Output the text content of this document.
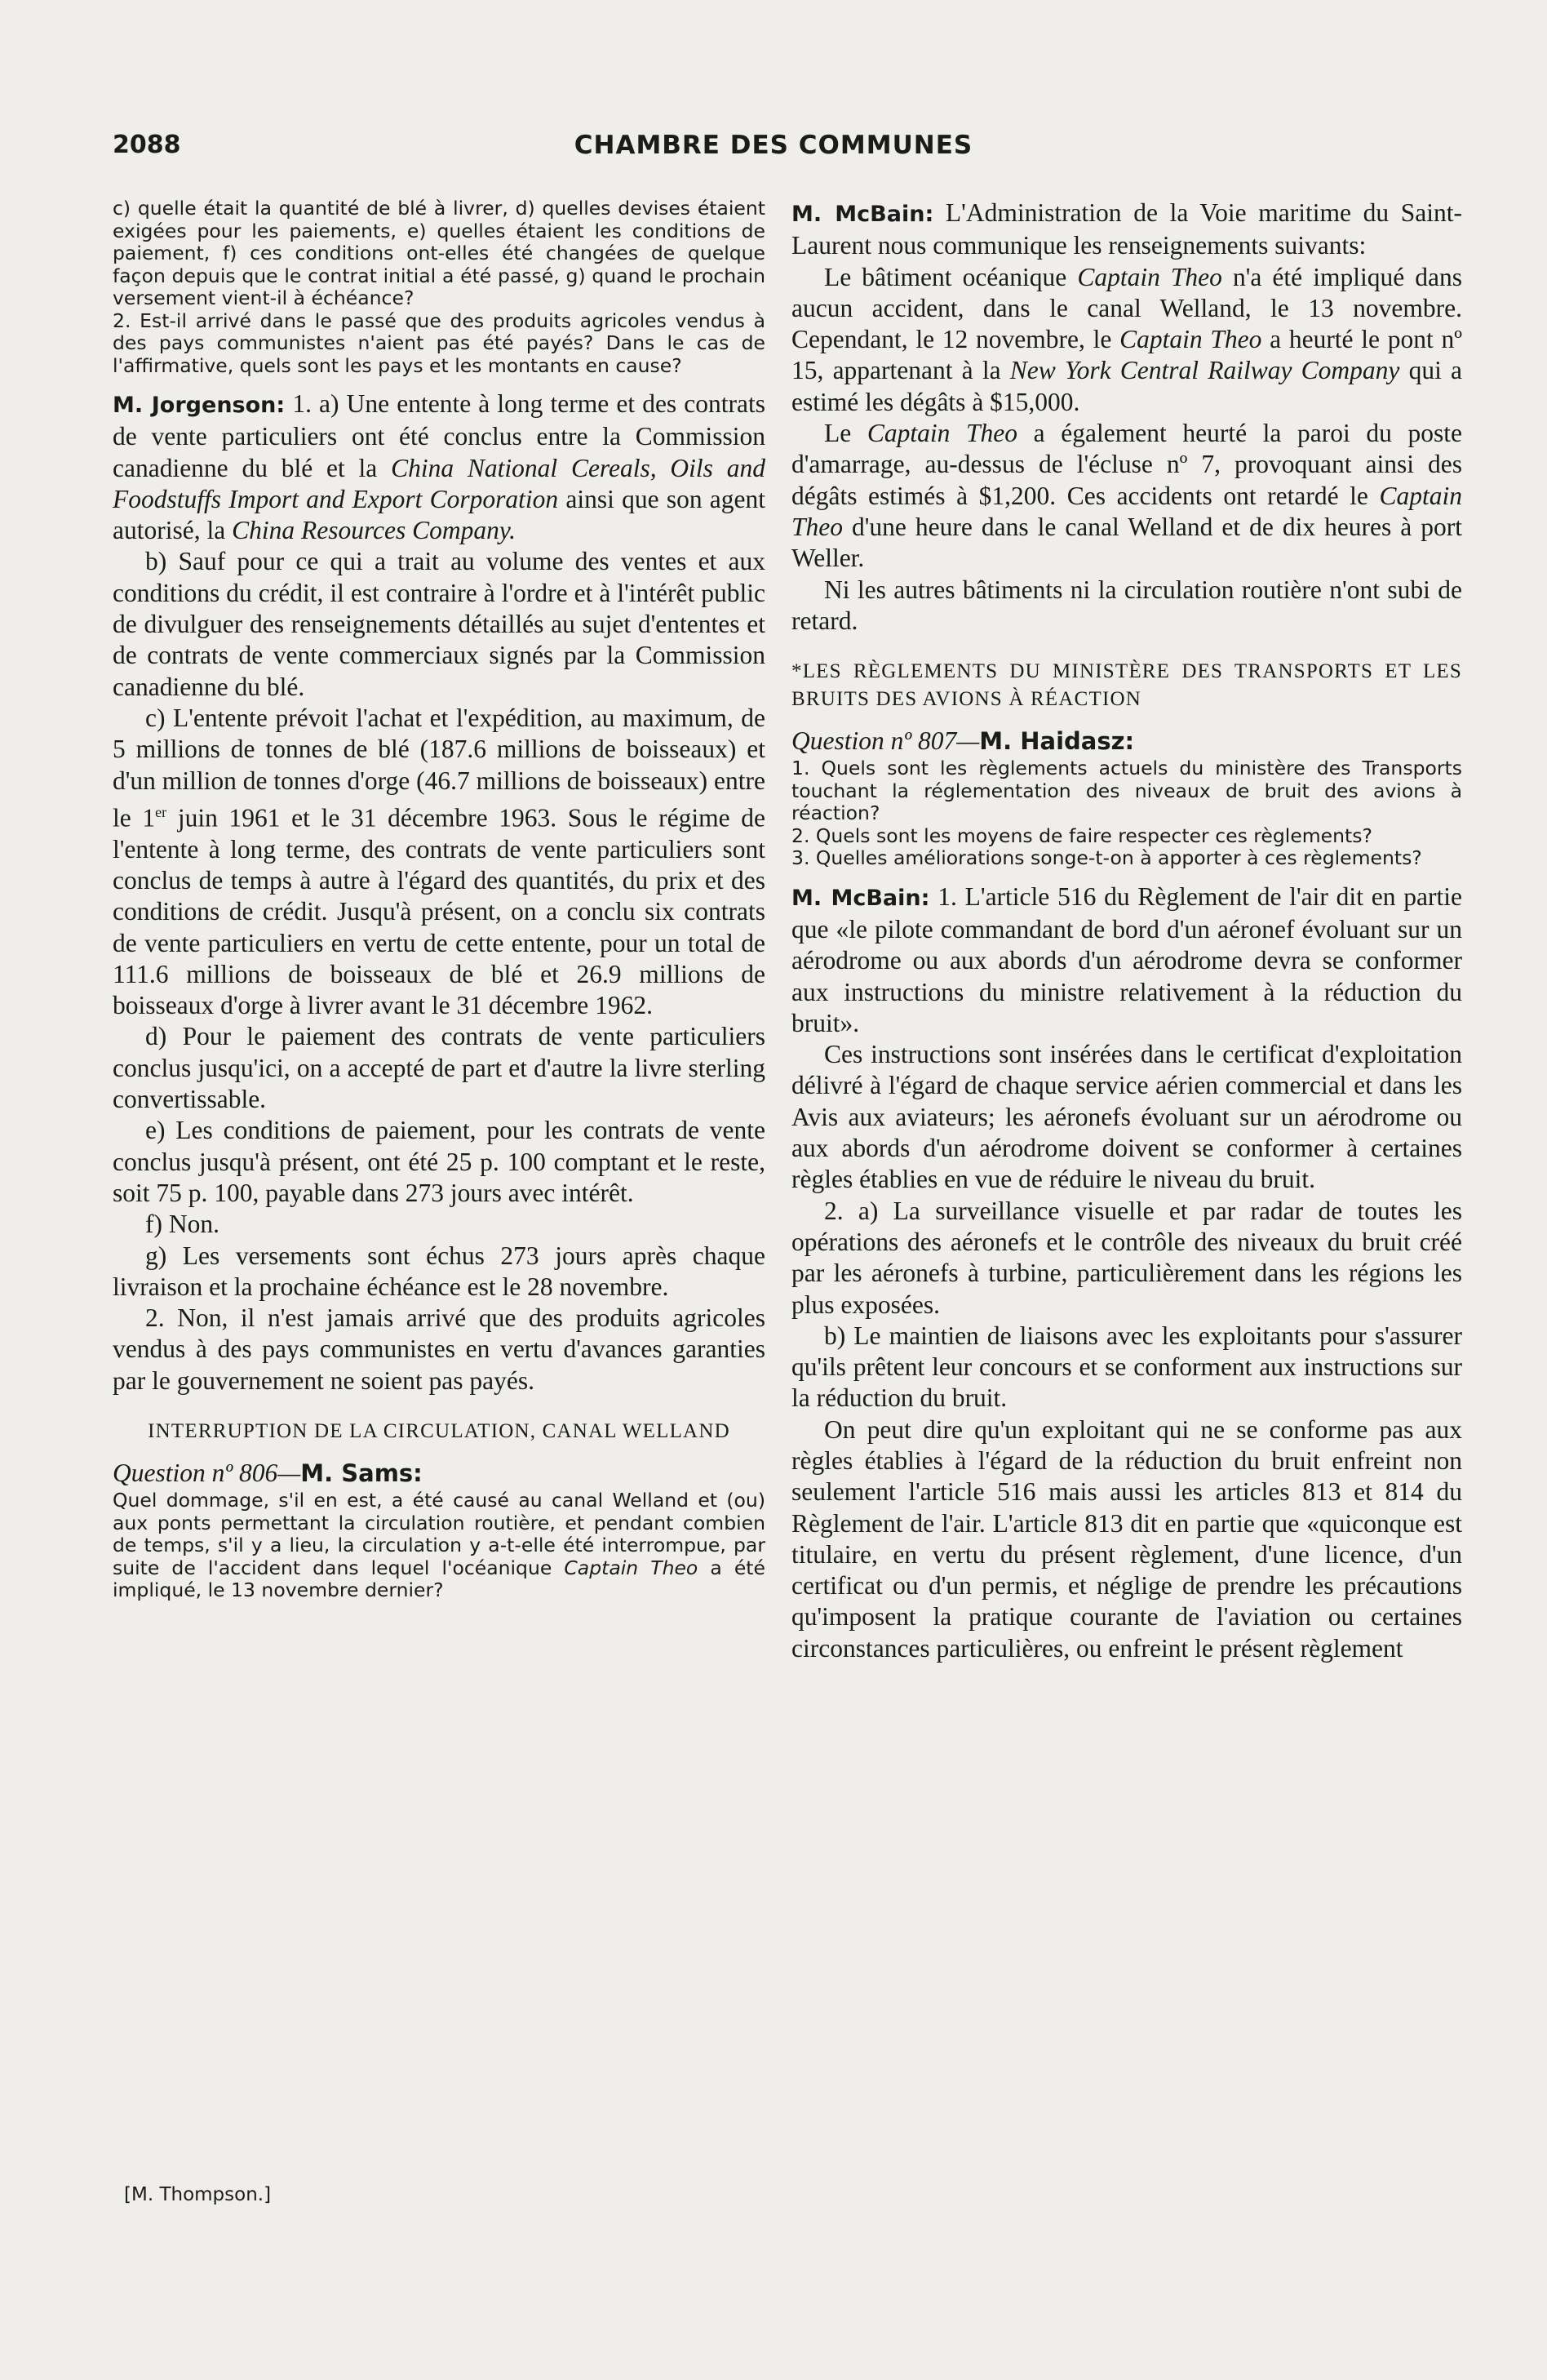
2088	CHAMBRE DES COMMUNES

c) quelle était la quantité de blé à livrer, d) quelles devises étaient exigées pour les paiements, e) quelles étaient les conditions de paiement, f) ces conditions ont-elles été changées de quelque façon depuis que le contrat initial a été passé, g) quand le prochain versement vient-il à échéance?

2. Est-il arrivé dans le passé que des produits agricoles vendus à des pays communistes n'aient pas été payés? Dans le cas de l'affirmative, quels sont les pays et les montants en cause?

M. Jorgenson: 1. a) Une entente à long terme et des contrats de vente particuliers ont été conclus entre la Commission canadienne du blé et la China National Cereals, Oils and Foodstuffs Import and Export Corporation ainsi que son agent autorisé, la China Resources Company.

b) Sauf pour ce qui a trait au volume des ventes et aux conditions du crédit, il est contraire à l'ordre et à l'intérêt public de divulguer des renseignements détaillés au sujet d'ententes et de contrats de vente commerciaux signés par la Commission canadienne du blé.

c) L'entente prévoit l'achat et l'expédition, au maximum, de 5 millions de tonnes de blé (187.6 millions de boisseaux) et d'un million de tonnes d'orge (46.7 millions de boisseaux) entre le 1er juin 1961 et le 31 décembre 1963. Sous le régime de l'entente à long terme, des contrats de vente particuliers sont conclus de temps à autre à l'égard des quantités, du prix et des conditions de crédit. Jusqu'à présent, on a conclu six contrats de vente particuliers en vertu de cette entente, pour un total de 111.6 millions de boisseaux de blé et 26.9 millions de boisseaux d'orge à livrer avant le 31 décembre 1962.

d) Pour le paiement des contrats de vente particuliers conclus jusqu'ici, on a accepté de part et d'autre la livre sterling convertissable.

e) Les conditions de paiement, pour les contrats de vente conclus jusqu'à présent, ont été 25 p. 100 comptant et le reste, soit 75 p. 100, payable dans 273 jours avec intérêt.

f) Non.

g) Les versements sont échus 273 jours après chaque livraison et la prochaine échéance est le 28 novembre.

2. Non, il n'est jamais arrivé que des produits agricoles vendus à des pays communistes en vertu d'avances garanties par le gouvernement ne soient pas payés.

INTERRUPTION DE LA CIRCULATION, CANAL WELLAND

Question nº 806—M. Sams:

Quel dommage, s'il en est, a été causé au canal Welland et (ou) aux ponts permettant la circulation routière, et pendant combien de temps, s'il y a lieu, la circulation y a-t-elle été interrompue, par suite de l'accident dans lequel l'océanique Captain Theo a été impliqué, le 13 novembre dernier?

M. McBain: L'Administration de la Voie maritime du Saint-Laurent nous communique les renseignements suivants:

Le bâtiment océanique Captain Theo n'a été impliqué dans aucun accident, dans le canal Welland, le 13 novembre. Cependant, le 12 novembre, le Captain Theo a heurté le pont nº 15, appartenant à la New York Central Railway Company qui a estimé les dégâts à $15,000.

Le Captain Theo a également heurté la paroi du poste d'amarrage, au-dessus de l'écluse nº 7, provoquant ainsi des dégâts estimés à $1,200. Ces accidents ont retardé le Captain Theo d'une heure dans le canal Welland et de dix heures à port Weller.

Ni les autres bâtiments ni la circulation routière n'ont subi de retard.

*LES RÈGLEMENTS DU MINISTÈRE DES TRANSPORTS ET LES BRUITS DES AVIONS À RÉACTION

Question nº 807—M. Haidasz:

1. Quels sont les règlements actuels du ministère des Transports touchant la réglementation des niveaux de bruit des avions à réaction?

2. Quels sont les moyens de faire respecter ces règlements?

3. Quelles améliorations songe-t-on à apporter à ces règlements?

M. McBain: 1. L'article 516 du Règlement de l'air dit en partie que «le pilote commandant de bord d'un aéronef évoluant sur un aérodrome ou aux abords d'un aérodrome devra se conformer aux instructions du ministre relativement à la réduction du bruit».

Ces instructions sont insérées dans le certificat d'exploitation délivré à l'égard de chaque service aérien commercial et dans les Avis aux aviateurs; les aéronefs évoluant sur un aérodrome ou aux abords d'un aérodrome doivent se conformer à certaines règles établies en vue de réduire le niveau du bruit.

2. a) La surveillance visuelle et par radar de toutes les opérations des aéronefs et le contrôle des niveaux du bruit créé par les aéronefs à turbine, particulièrement dans les régions les plus exposées.

b) Le maintien de liaisons avec les exploitants pour s'assurer qu'ils prêtent leur concours et se conforment aux instructions sur la réduction du bruit.

On peut dire qu'un exploitant qui ne se conforme pas aux règles établies à l'égard de la réduction du bruit enfreint non seulement l'article 516 mais aussi les articles 813 et 814 du Règlement de l'air. L'article 813 dit en partie que «quiconque est titulaire, en vertu du présent règlement, d'une licence, d'un certificat ou d'un permis, et néglige de prendre les précautions qu'imposent la pratique courante de l'aviation ou certaines circonstances particulières, ou enfreint le présent règlement

[M. Thompson.]
